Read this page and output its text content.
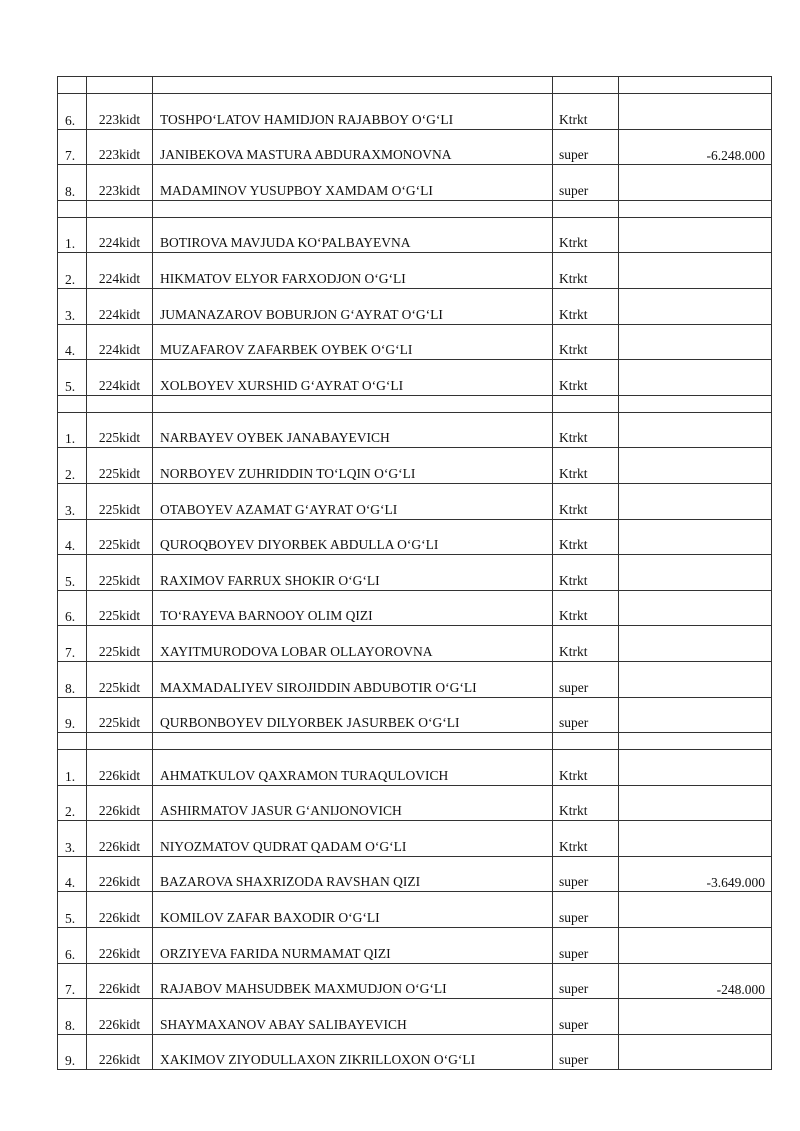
6.	223kidt	TOSHPO‘LATOV HAMIDJON RAJABBOY O‘G‘LI	Ktrkt	
7.	223kidt	JANIBEKOVA MASTURA ABDURAXMONOVNA	super	-6.248.000
8.	223kidt	MADAMINOV YUSUPBOY XAMDAM O‘G‘LI	super	

1.	224kidt	BOTIROVA MAVJUDA KO‘PALBAYEVNA	Ktrkt	
2.	224kidt	HIKMATOV ELYOR FARXODJON O‘G‘LI	Ktrkt	
3.	224kidt	JUMANAZAROV BOBURJON G‘AYRAT O‘G‘LI	Ktrkt	
4.	224kidt	MUZAFAROV ZAFARBEK OYBEK O‘G‘LI	Ktrkt	
5.	224kidt	XOLBOYEV XURSHID G‘AYRAT O‘G‘LI	Ktrkt	

1.	225kidt	NARBAYEV OYBEK JANABAYEVICH	Ktrkt	
2.	225kidt	NORBOYEV ZUHRIDDIN TO‘LQIN O‘G‘LI	Ktrkt	
3.	225kidt	OTABOYEV AZAMAT G‘AYRAT O‘G‘LI	Ktrkt	
4.	225kidt	QUROQBOYEV DIYORBEK ABDULLA O‘G‘LI	Ktrkt	
5.	225kidt	RAXIMOV FARRUX SHOKIR O‘G‘LI	Ktrkt	
6.	225kidt	TO‘RAYEVA BARNOOY OLIM QIZI	Ktrkt	
7.	225kidt	XAYITMURODOVA LOBAR OLLAYOROVNA	Ktrkt	
8.	225kidt	MAXMADALIYEV SIROJIDDIN ABDUBOTIR O‘G‘LI	super	
9.	225kidt	QURBONBOYEV DILYORBEK JASURBEK O‘G‘LI	super	

1.	226kidt	AHMATKULOV QAXRAMON TURAQULOVICH	Ktrkt	
2.	226kidt	ASHIRMATOV JASUR G‘ANIJONOVICH	Ktrkt	
3.	226kidt	NIYOZMATOV QUDRAT QADAM O‘G‘LI	Ktrkt	
4.	226kidt	BAZAROVA SHAXRIZODA RAVSHAN QIZI	super	-3.649.000
5.	226kidt	KOMILOV ZAFAR BAXODIR O‘G‘LI	super	
6.	226kidt	ORZIYEVA FARIDA NURMAMAT QIZI	super	
7.	226kidt	RAJABOV MAHSUDBEK MAXMUDJON O‘G‘LI	super	-248.000
8.	226kidt	SHAYMAXANOV ABAY SALIBAYEVICH	super	
9.	226kidt	XAKIMOV ZIYODULLAXON ZIKRILLOXON O‘G‘LI	super	
